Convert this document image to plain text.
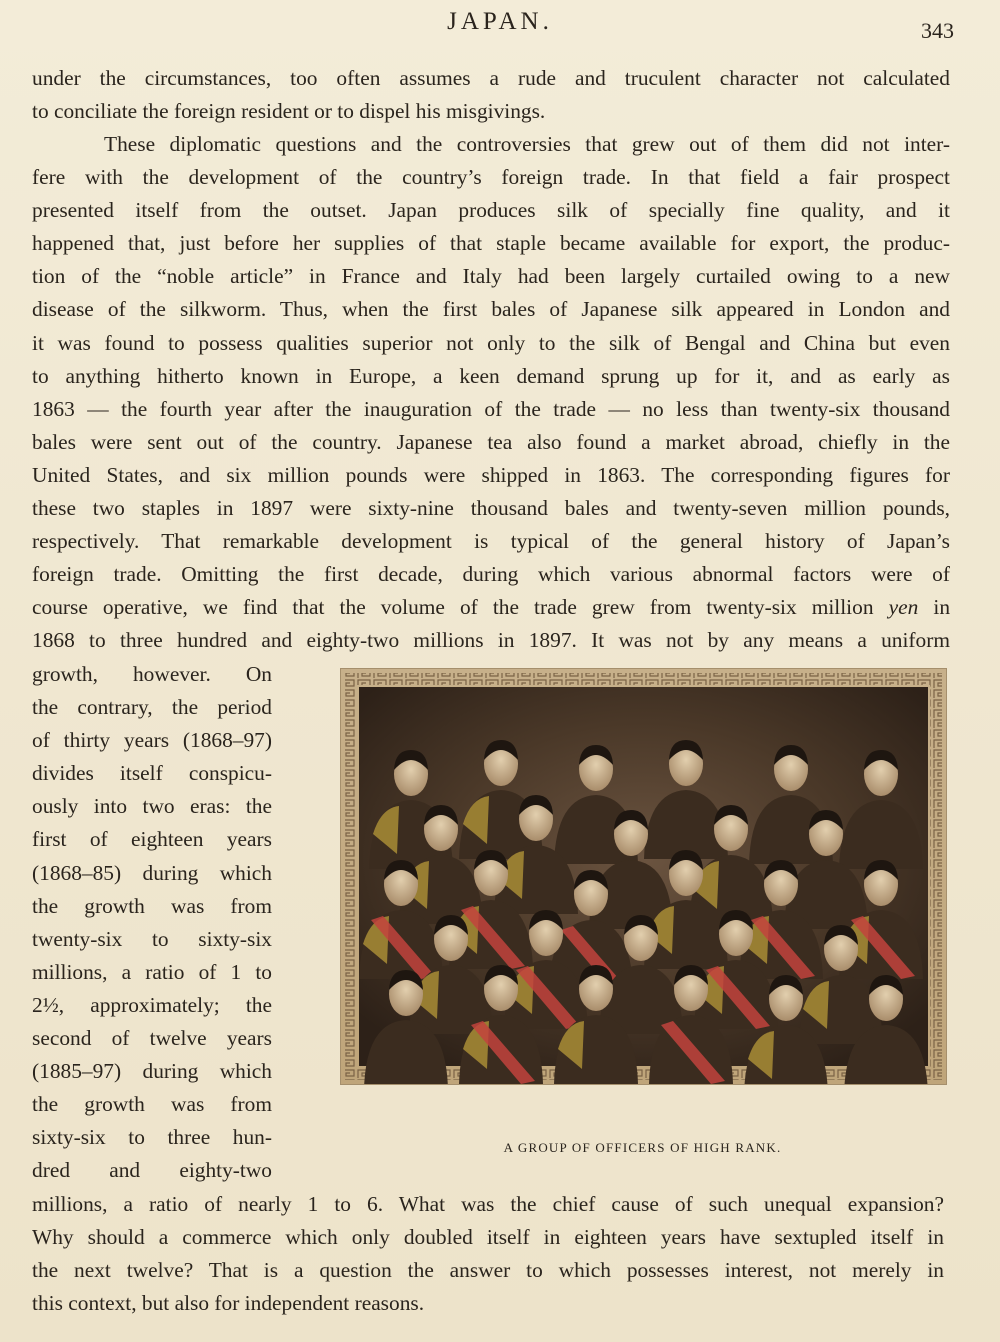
JAPAN.	343
under the circumstances, too often assumes a rude and truculent character not calculated
to conciliate the foreign resident or to dispel his misgivings.
These diplomatic questions and the controversies that grew out of them did not inter-
fere with the development of the country’s foreign trade. In that field a fair prospect
presented itself from the outset. Japan produces silk of specially fine quality, and it
happened that, just before her supplies of that staple became available for export, the produc-
tion of the “noble article” in France and Italy had been largely curtailed owing to a new
disease of the silkworm. Thus, when the first bales of Japanese silk appeared in London and
it was found to possess qualities superior not only to the silk of Bengal and China but even
to anything hitherto known in Europe, a keen demand sprung up for it, and as early as
1863 — the fourth year after the inauguration of the trade — no less than twenty-six thousand
bales were sent out of the country. Japanese tea also found a market abroad, chiefly in the
United States, and six million pounds were shipped in 1863. The corresponding figures for
these two staples in 1897 were sixty-nine thousand bales and twenty-seven million pounds,
respectively. That remarkable development is typical of the general history of Japan’s
foreign trade. Omitting the first decade, during which various abnormal factors were of
course operative, we find that the volume of the trade grew from twenty-six million yen in
1868 to three hundred and eighty-two millions in 1897. It was not by any means a uniform
growth, however. On
the contrary, the period
of thirty years (1868–97)
divides itself conspicu-
ously into two eras: the
first of eighteen years
(1868–85) during which
the growth was from
twenty-six to sixty-six
millions, a ratio of 1 to
2½, approximately; the
second of twelve years
(1885–97) during which
the growth was from
sixty-six to three hun-
dred and eighty-two
A GROUP OF OFFICERS OF HIGH RANK.
millions, a ratio of nearly 1 to 6. What was the chief cause of such unequal expansion?
Why should a commerce which only doubled itself in eighteen years have sextupled itself in
the next twelve? That is a question the answer to which possesses interest, not merely in
this context, but also for independent reasons.
